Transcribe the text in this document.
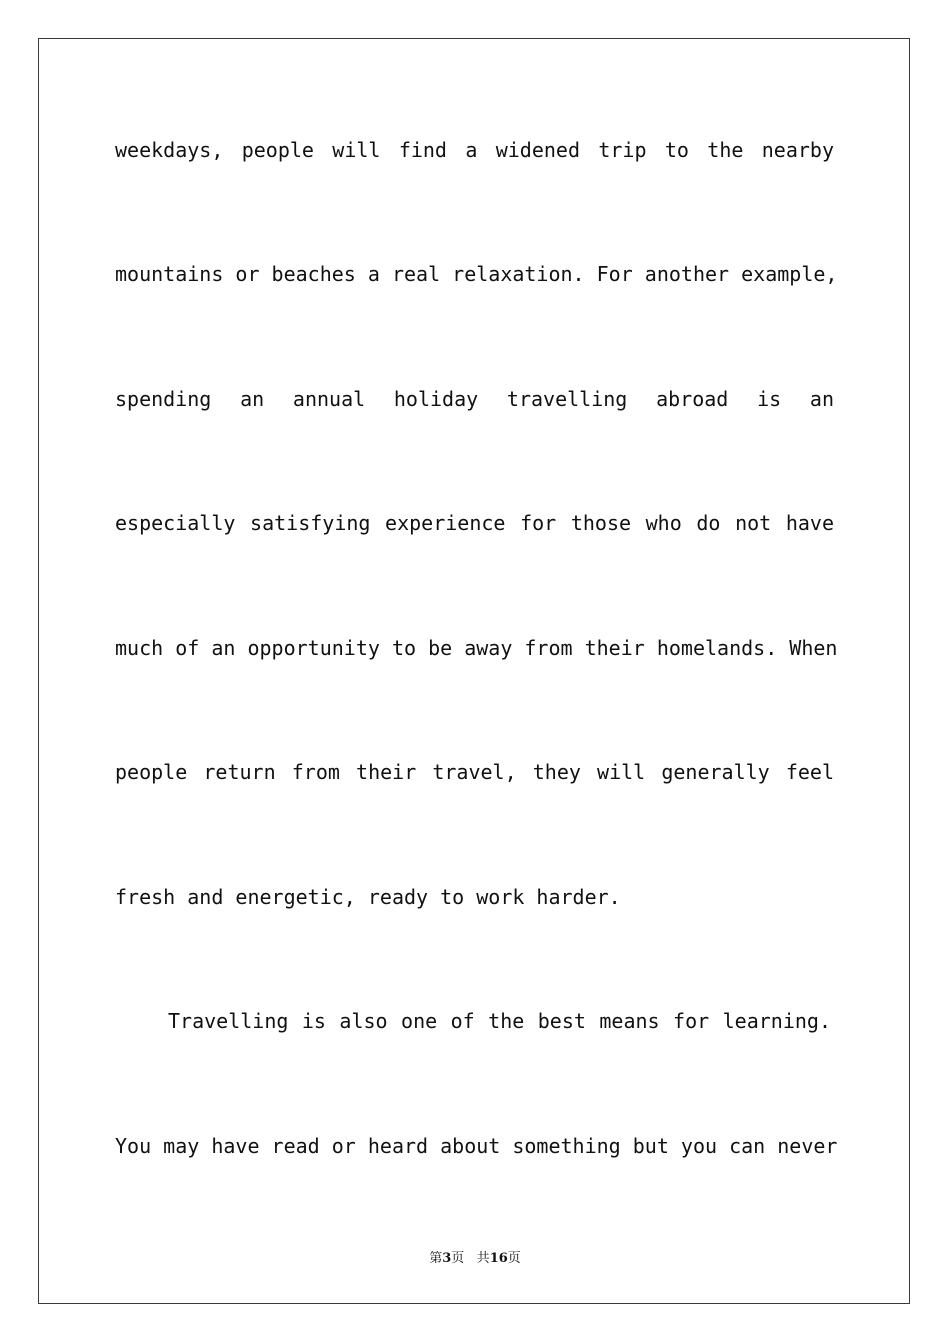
weekdays, people will find a widened trip to the nearby
mountains or beaches a real relaxation. For another example,
spending an annual holiday travelling abroad is an
especially satisfying experience for those who do not have
much of an opportunity to be away from their homelands. When
people return from their travel, they will generally feel
fresh and energetic, ready to work harder.
Travelling is also one of the best means for learning.
You may have read or heard about something but you can never
第3页 共16页
